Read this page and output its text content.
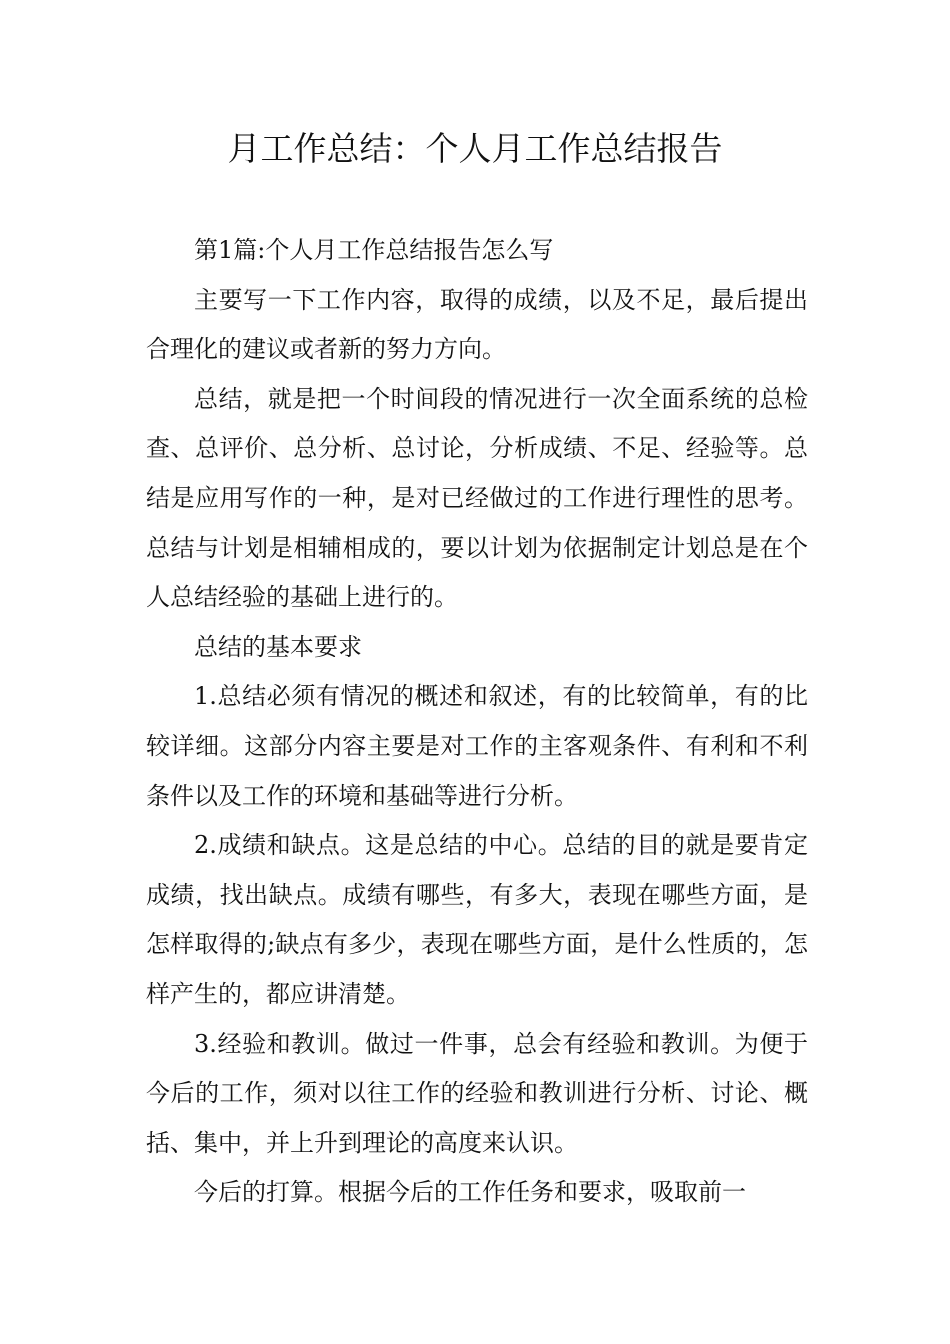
月工作总结：个人月工作总结报告

第1篇:个人月工作总结报告怎么写

主要写一下工作内容，取得的成绩，以及不足，最后提出合理化的建议或者新的努力方向。

总结，就是把一个时间段的情况进行一次全面系统的总检查、总评价、总分析、总讨论，分析成绩、不足、经验等。总结是应用写作的一种，是对已经做过的工作进行理性的思考。总结与计划是相辅相成的，要以计划为依据制定计划总是在个人总结经验的基础上进行的。

总结的基本要求

1.总结必须有情况的概述和叙述，有的比较简单，有的比较详细。这部分内容主要是对工作的主客观条件、有利和不利条件以及工作的环境和基础等进行分析。

2.成绩和缺点。这是总结的中心。总结的目的就是要肯定成绩，找出缺点。成绩有哪些，有多大，表现在哪些方面，是怎样取得的;缺点有多少，表现在哪些方面，是什么性质的，怎样产生的，都应讲清楚。

3.经验和教训。做过一件事，总会有经验和教训。为便于今后的工作，须对以往工作的经验和教训进行分析、讨论、概括、集中，并上升到理论的高度来认识。

今后的打算。根据今后的工作任务和要求，吸取前一
